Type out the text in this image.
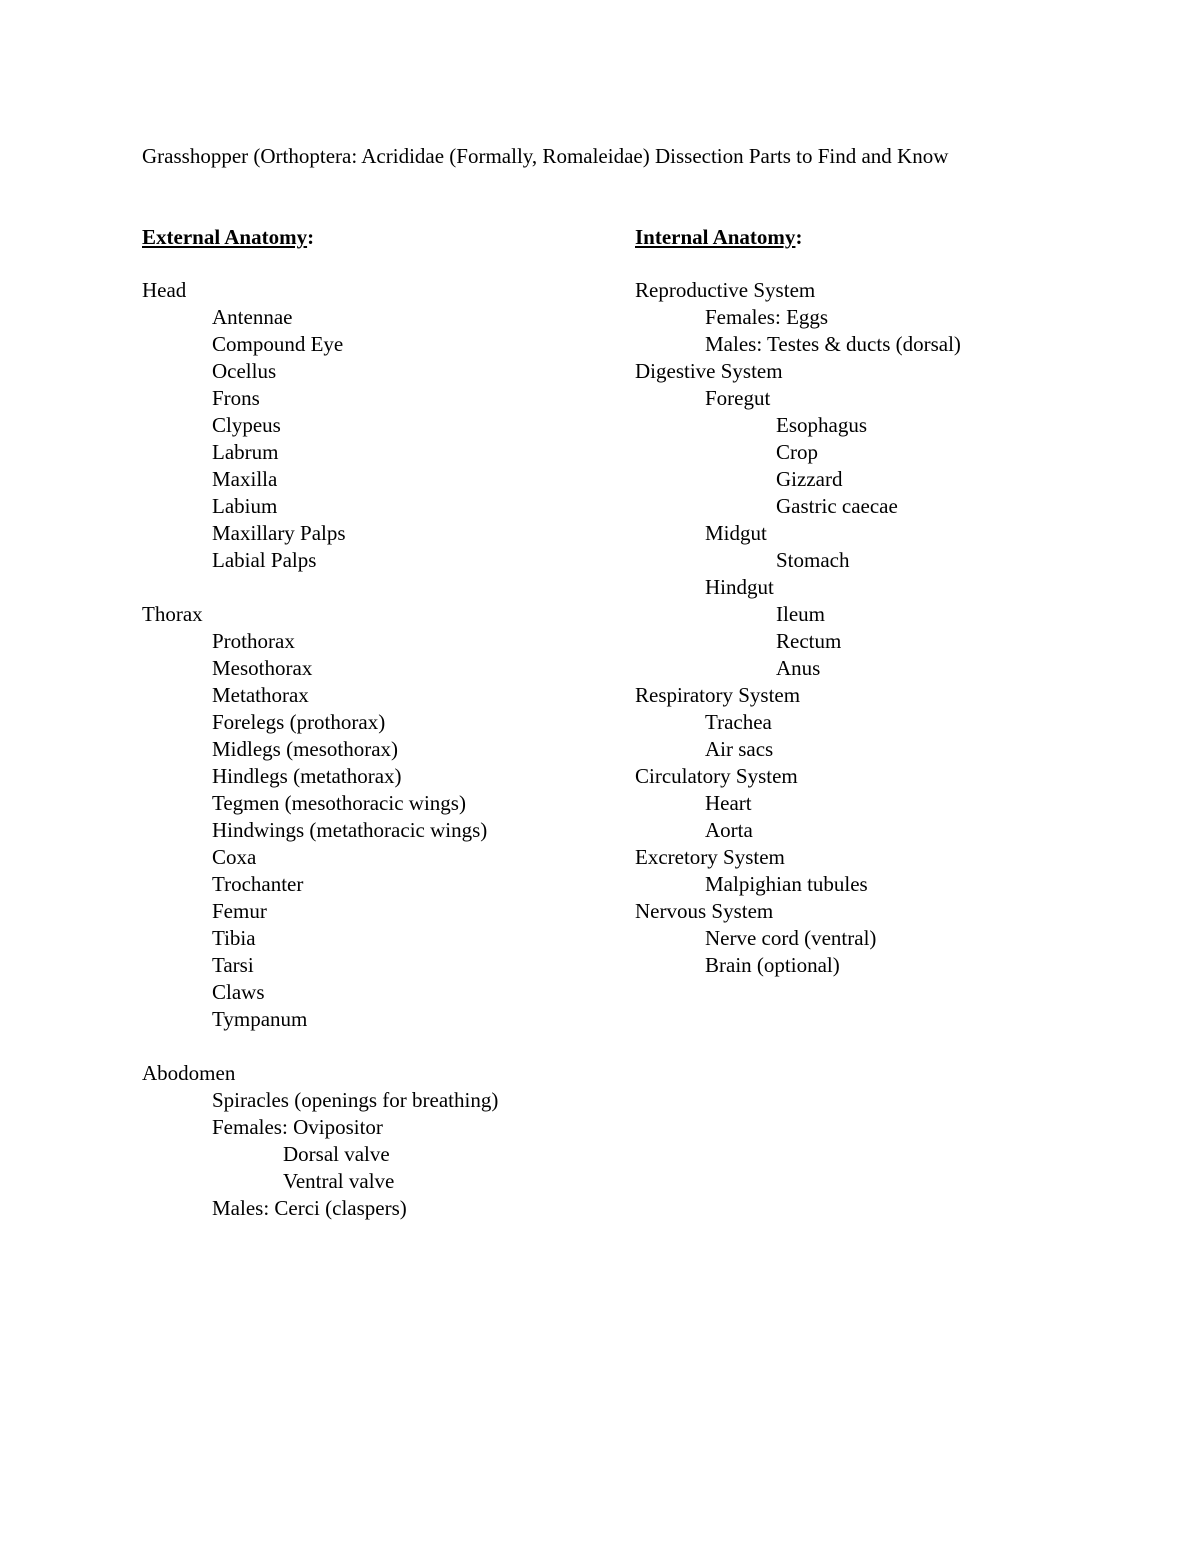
Grasshopper (Orthoptera: Acrididae (Formally, Romaleidae) Dissection Parts to Find and Know
External Anatomy:
Head
Antennae
Compound Eye
Ocellus
Frons
Clypeus
Labrum
Maxilla
Labium
Maxillary Palps
Labial Palps
Thorax
Prothorax
Mesothorax
Metathorax
Forelegs (prothorax)
Midlegs (mesothorax)
Hindlegs (metathorax)
Tegmen (mesothoracic wings)
Hindwings (metathoracic wings)
Coxa
Trochanter
Femur
Tibia
Tarsi
Claws
Tympanum
Abodomen
Spiracles (openings for breathing)
Females: Ovipositor
Dorsal valve
Ventral valve
Males: Cerci (claspers)
Internal Anatomy:
Reproductive System
Females: Eggs
Males: Testes & ducts (dorsal)
Digestive System
Foregut
Esophagus
Crop
Gizzard
Gastric caecae
Midgut
Stomach
Hindgut
Ileum
Rectum
Anus
Respiratory System
Trachea
Air sacs
Circulatory System
Heart
Aorta
Excretory System
Malpighian tubules
Nervous System
Nerve cord (ventral)
Brain (optional)
